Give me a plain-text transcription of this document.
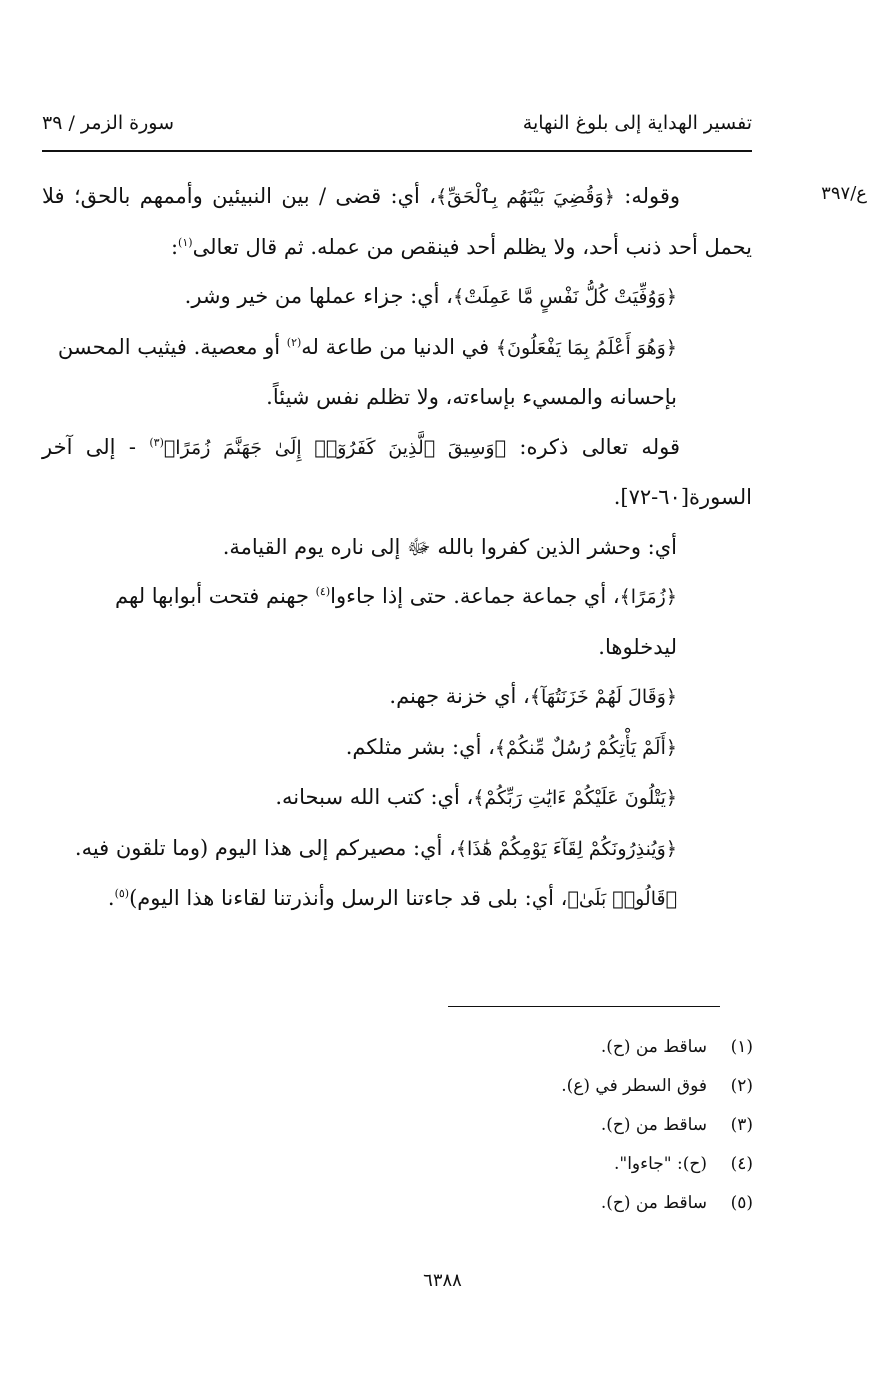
تفسير الهداية إلى بلوغ النهاية
سورة الزمر / ٣٩
ع/٣٩٧

وقوله: ﴿وَقُضِيَ بَيْنَهُم بِٱلْحَقِّ﴾، أي: قضى / بين النبيئين وأممهم بالحق؛ فلا يحمل أحد ذنب أحد، ولا يظلم أحد فينقص من عمله. ثم قال تعالى$^{(١)}$:

﴿وَوُفِّيَتْ كُلُّ نَفْسٍ مَّا عَمِلَتْ﴾، أي: جزاء عملها من خير وشر.

﴿وَهُوَ أَعْلَمُ بِمَا يَفْعَلُونَ﴾ في الدنيا من طاعة له$^{(٢)}$ أو معصية. فيثيب المحسن بإحسانه والمسيء بإساءته، ولا تظلم نفس شيئاً.

قوله تعالى ذكره: ﴿وَسِيقَ ٱلَّذِينَ كَفَرُوٓا۟ إِلَىٰ جَهَنَّمَ زُمَرًا﴾$^{(٣)}$ - إلى آخر السورة[٦٠-٧٢].

أي: وحشر الذين كفروا بالله ﷻ إلى ناره يوم القيامة.

﴿زُمَرًا﴾، أي جماعة جماعة. حتى إذا جاءوا$^{(٤)}$ جهنم فتحت أبوابها لهم ليدخلوها.

﴿وَقَالَ لَهُمْ خَزَنَتُهَآ﴾، أي خزنة جهنم.

﴿أَلَمْ يَأْتِكُمْ رُسُلٌ مِّنكُمْ﴾، أي: بشر مثلكم.

﴿يَتْلُونَ عَلَيْكُمْ ءَايَٰتِ رَبِّكُمْ﴾، أي: كتب الله سبحانه.

﴿وَيُنذِرُونَكُمْ لِقَآءَ يَوْمِكُمْ هَٰذَا﴾، أي: مصيركم إلى هذا اليوم (وما تلقون فيه.

﴿قَالُوا۟ بَلَىٰ﴾، أي: بلى قد جاءتنا الرسل وأنذرتنا لقاءنا هذا اليوم)$^{(٥)}$.

(١)ساقط من (ح).
(٢)فوق السطر في (ع).
(٣)ساقط من (ح).
(٤)(ح): "جاءوا".
(٥)ساقط من (ح).
٦٣٨٨
